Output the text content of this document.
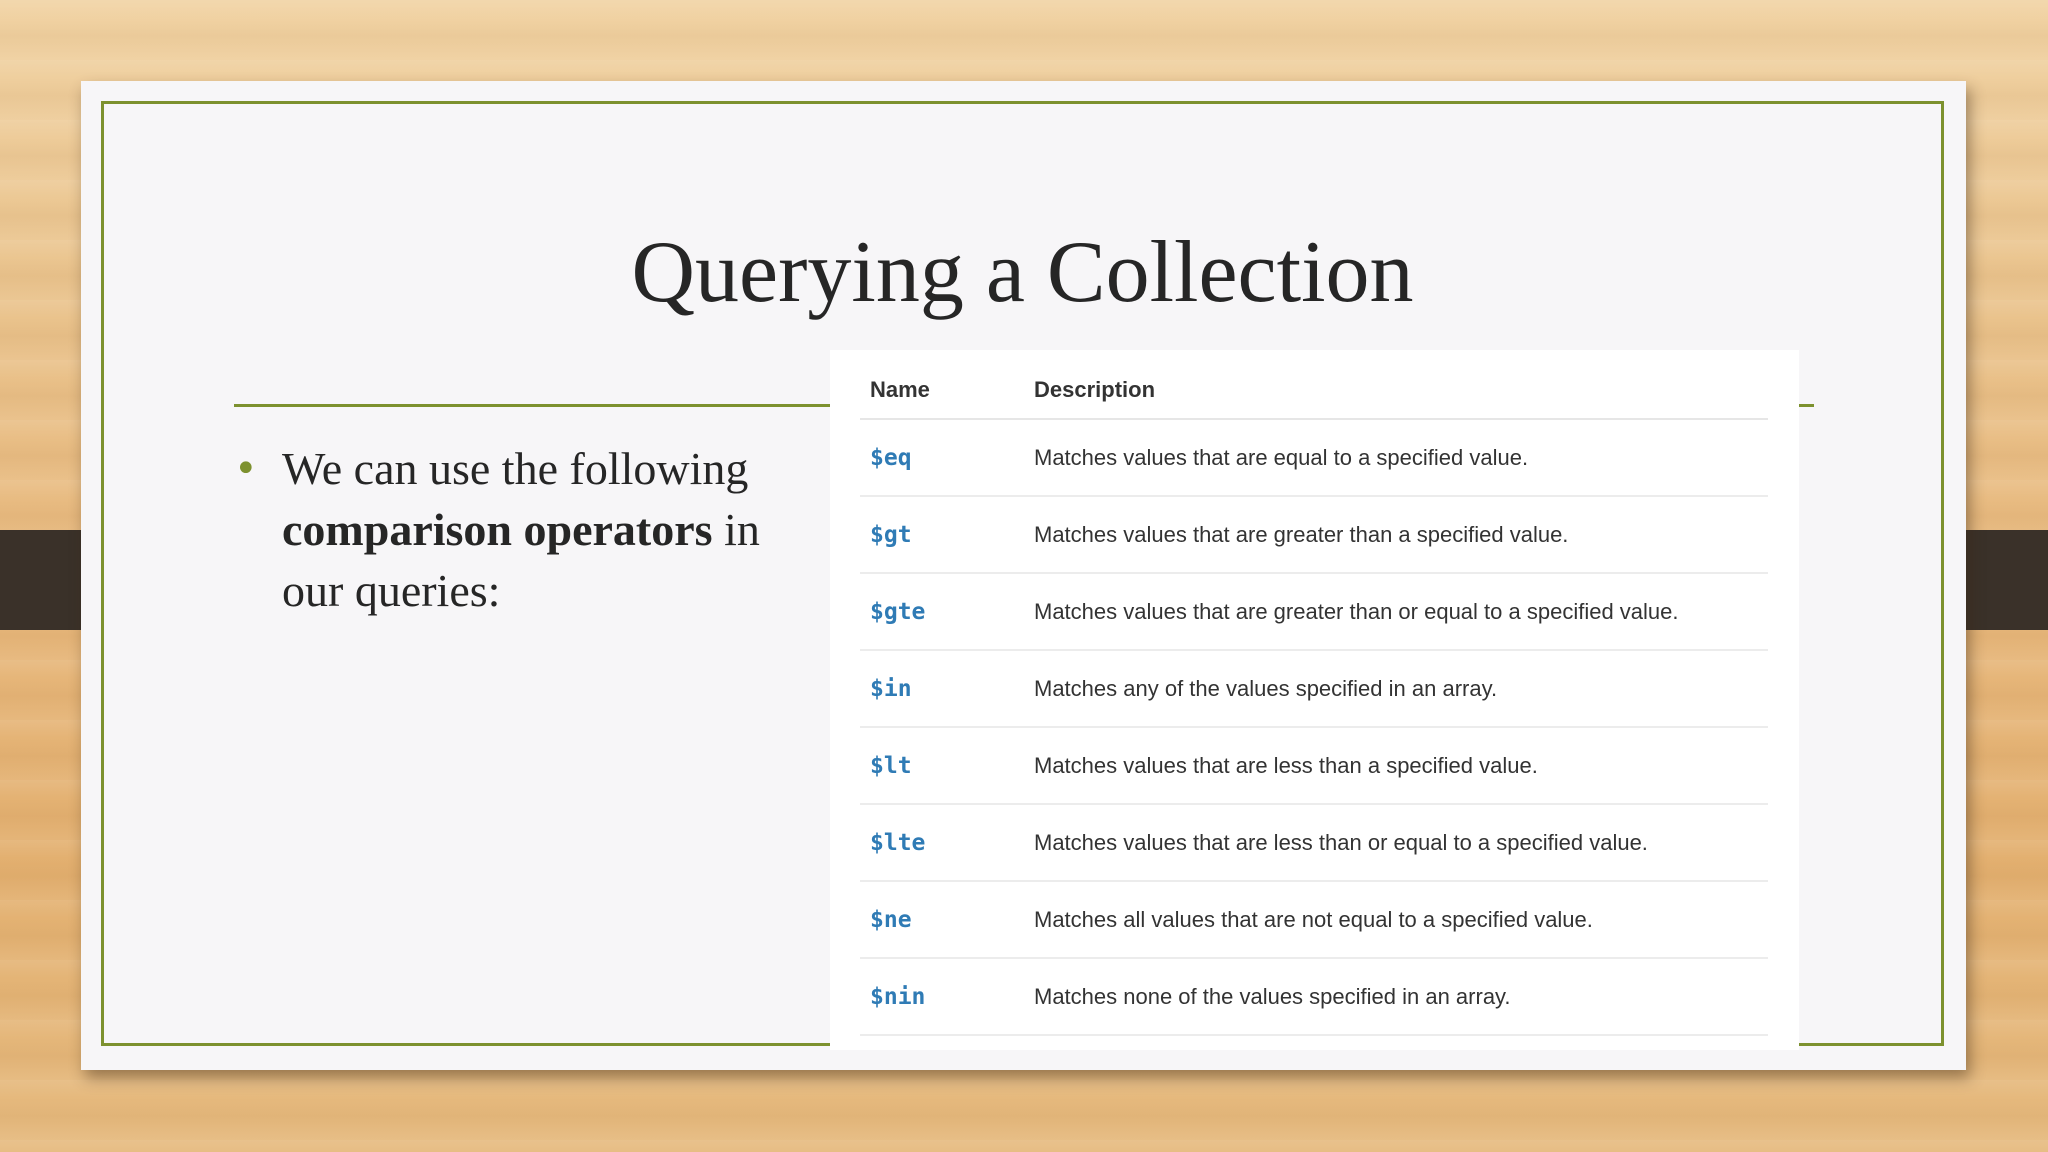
Querying a Collection
• We can use the following comparison operators in our queries:
Name	Description
$eq	Matches values that are equal to a specified value.
$gt	Matches values that are greater than a specified value.
$gte	Matches values that are greater than or equal to a specified value.
$in	Matches any of the values specified in an array.
$lt	Matches values that are less than a specified value.
$lte	Matches values that are less than or equal to a specified value.
$ne	Matches all values that are not equal to a specified value.
$nin	Matches none of the values specified in an array.
